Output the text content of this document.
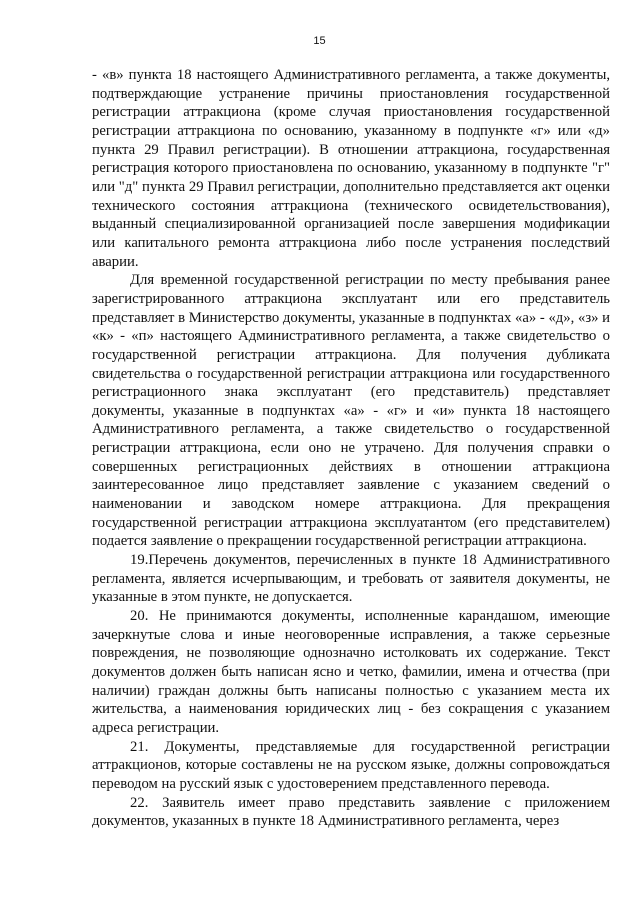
15

- «в» пункта 18 настоящего Административного регламента, а также документы, подтверждающие устранение причины приостановления государственной регистрации аттракциона (кроме случая приостановления государственной регистрации аттракциона по основанию, указанному в подпункте «г» или «д» пункта 29 Правил регистрации). В отношении аттракциона, государственная регистрация которого приостановлена по основанию, указанному в подпункте "г" или "д" пункта 29 Правил регистрации, дополнительно представляется акт оценки технического состояния аттракциона (технического освидетельствования), выданный специализированной организацией после завершения модификации или капитального ремонта аттракциона либо после устранения последствий аварии.

Для временной государственной регистрации по месту пребывания ранее зарегистрированного аттракциона эксплуатант или его представитель представляет в Министерство документы, указанные в подпунктах «а» - «д», «з» и «к» - «п» настоящего Административного регламента, а также свидетельство о государственной регистрации аттракциона. Для получения дубликата свидетельства о государственной регистрации аттракциона или государственного регистрационного знака эксплуатант (его представитель) представляет документы, указанные в подпунктах «а» - «г» и «и» пункта 18 настоящего Административного регламента, а также свидетельство о государственной регистрации аттракциона, если оно не утрачено. Для получения справки о совершенных регистрационных действиях в отношении аттракциона заинтересованное лицо представляет заявление с указанием сведений о наименовании и заводском номере аттракциона. Для прекращения государственной регистрации аттракциона эксплуатантом (его представителем) подается заявление о прекращении государственной регистрации аттракциона.

19.Перечень документов, перечисленных в пункте 18 Административного регламента, является исчерпывающим, и требовать от заявителя документы, не указанные в этом пункте, не допускается.

20. Не принимаются документы, исполненные карандашом, имеющие зачеркнутые слова и иные неоговоренные исправления, а также серьезные повреждения, не позволяющие однозначно истолковать их содержание. Текст документов должен быть написан ясно и четко, фамилии, имена и отчества (при наличии) граждан должны быть написаны полностью с указанием места их жительства, а наименования юридических лиц - без сокращения с указанием адреса регистрации.

21. Документы, представляемые для государственной регистрации аттракционов, которые составлены не на русском языке, должны сопровождаться переводом на русский язык с удостоверением представленного перевода.

22. Заявитель имеет право представить заявление с приложением документов, указанных в пункте 18 Административного регламента, через
